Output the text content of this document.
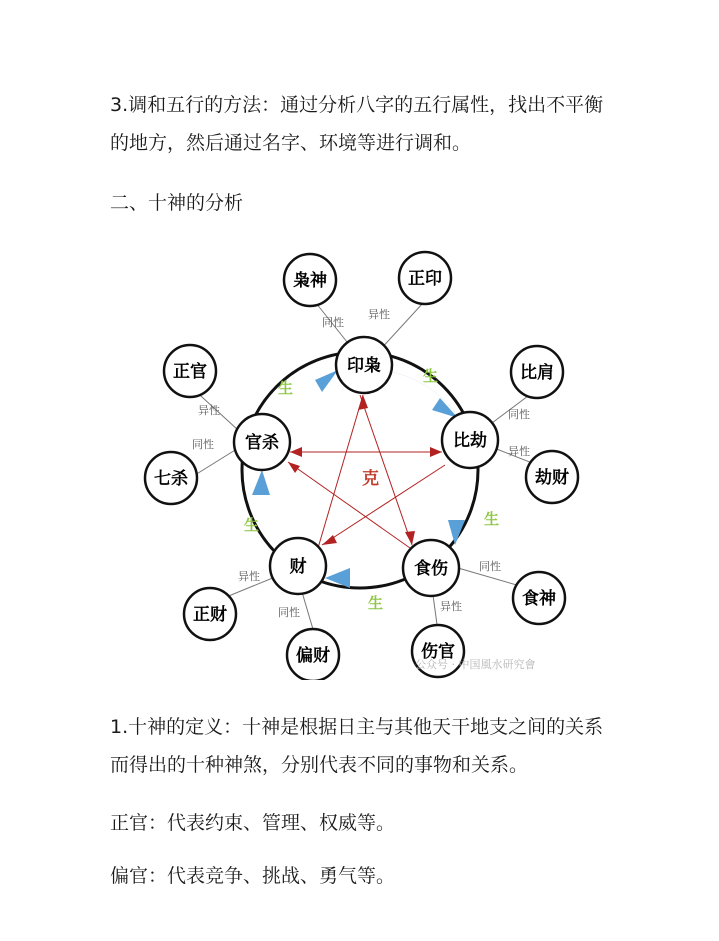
3.调和五行的方法：通过分析八字的五行属性，找出不平衡
的地方，然后通过名字、环境等进行调和。

二、十神的分析

印枭
比劫
食伤
财
官杀
枭神	正印
比肩
劫财
食神
伤官
偏财
正财
七杀
正官
同性
异性
同性
异性
同性
异性
同性
异性
同性
异性
生
生
生
生
生
克
公众号 · 中国風水研究會

1.十神的定义：十神是根据日主与其他天干地支之间的关系
而得出的十种神煞，分别代表不同的事物和关系。

正官：代表约束、管理、权威等。

偏官：代表竞争、挑战、勇气等。
